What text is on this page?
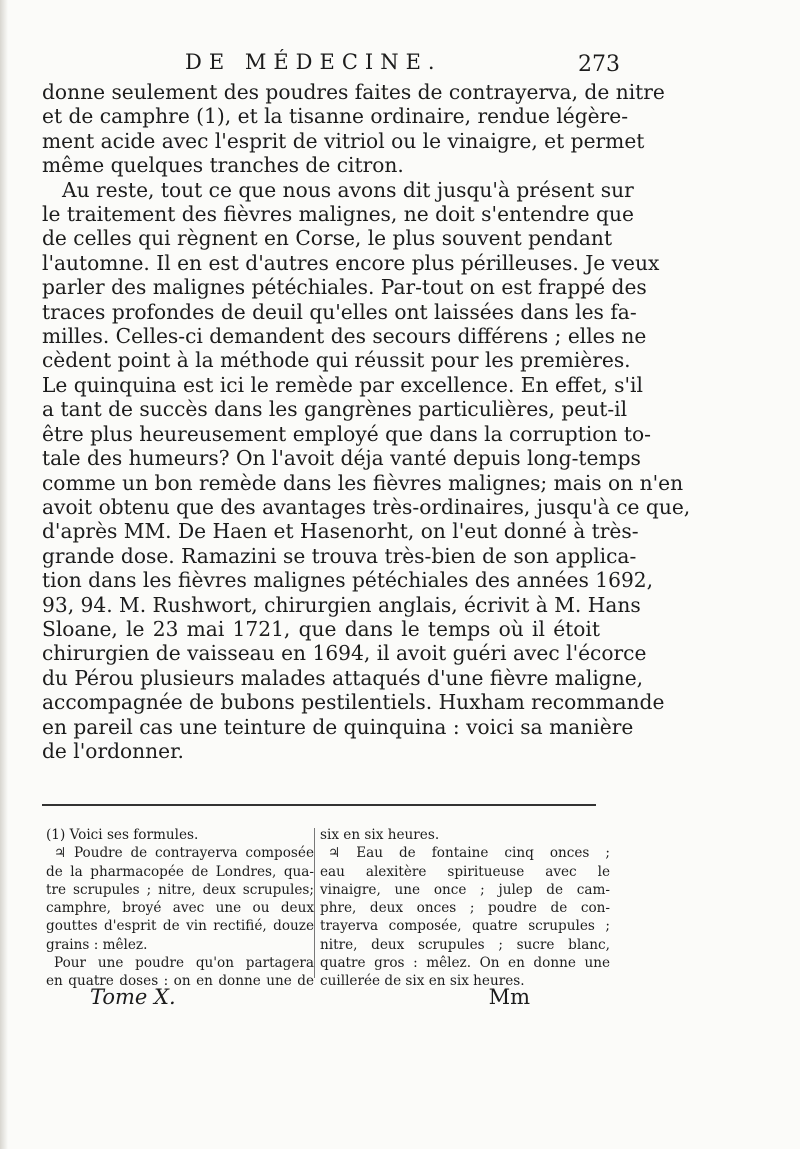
DE MÉDECINE.	273
donne seulement des poudres faites de contrayerva, de nitre
et de camphre (1), et la tisanne ordinaire, rendue légère-
ment acide avec l'esprit de vitriol ou le vinaigre, et permet
même quelques tranches de citron.
Au reste, tout ce que nous avons dit jusqu'à présent sur
le traitement des fièvres malignes, ne doit s'entendre que
de celles qui règnent en Corse, le plus souvent pendant
l'automne. Il en est d'autres encore plus périlleuses. Je veux
parler des malignes pétéchiales. Par-tout on est frappé des
traces profondes de deuil qu'elles ont laissées dans les fa-
milles. Celles-ci demandent des secours différens ; elles ne
cèdent point à la méthode qui réussit pour les premières.
Le quinquina est ici le remède par excellence. En effet, s'il
a tant de succès dans les gangrènes particulières, peut-il
être plus heureusement employé que dans la corruption to-
tale des humeurs? On l'avoit déja vanté depuis long-temps
comme un bon remède dans les fièvres malignes; mais on n'en
avoit obtenu que des avantages très-ordinaires, jusqu'à ce que,
d'après MM. De Haen et Hasenorht, on l'eut donné à très-
grande dose. Ramazini se trouva très-bien de son applica-
tion dans les fièvres malignes pétéchiales des années 1692,
93, 94. M. Rushwort, chirurgien anglais, écrivit à M. Hans
Sloane, le 23 mai 1721, que dans le temps où il étoit
chirurgien de vaisseau en 1694, il avoit guéri avec l'écorce
du Pérou plusieurs malades attaqués d'une fièvre maligne,
accompagnée de bubons pestilentiels. Huxham recommande
en pareil cas une teinture de quinquina : voici sa manière
de l'ordonner.
(1) Voici ses formules.
♃ Poudre de contrayerva composée
de la pharmacopée de Londres, qua-
tre scrupules ; nitre, deux scrupules;
camphre, broyé avec une ou deux
gouttes d'esprit de vin rectifié, douze
grains : mêlez.
Pour une poudre qu'on partagera
en quatre doses : on en donne une de
six en six heures.
♃ Eau de fontaine cinq onces ;
eau alexitère spiritueuse avec le
vinaigre, une once ; julep de cam-
phre, deux onces ; poudre de con-
trayerva composée, quatre scrupules ;
nitre, deux scrupules ; sucre blanc,
quatre gros : mêlez. On en donne une
cuillerée de six en six heures.
Tome X.	Mm
